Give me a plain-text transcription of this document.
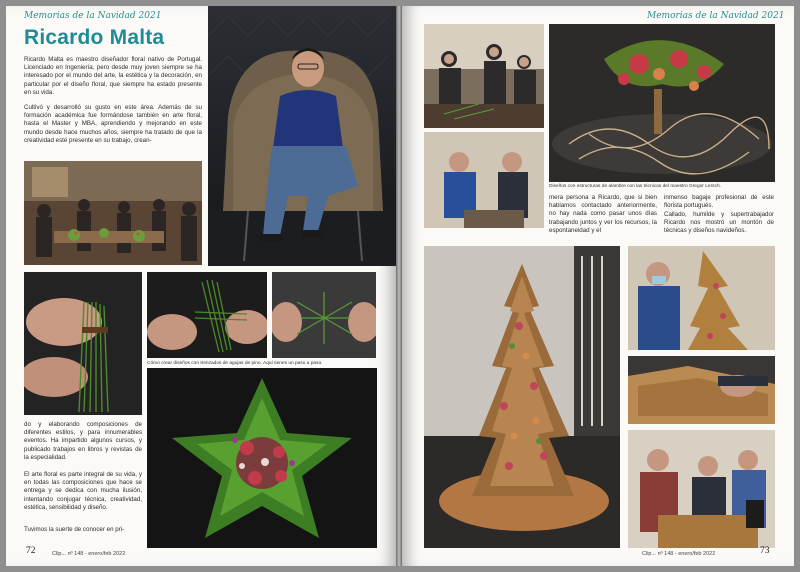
Memorias de la Navidad 2021
Ricardo Malta

Ricardo Malta es maestro diseñador floral nativo de Portugal. Licenciado en Ingeniería, pero desde muy joven siempre se ha interesado por el mundo del arte, la estética y la decoración, en particular por el diseño floral, que siempre ha estado presente en su vida.

Cultivó y desarrolló su gusto en este área. Además de su formación académica fue formándose también en arte floral, hasta el Master y MBA, aprendiendo y mejorando en este mundo desde hace muchos años, siempre ha tratado de que la creatividad esté presente en su trabajo, crean-

Cómo crear diseños con trenzados de agujas de pino. Aquí tienes un paso a paso.

do y elaborando composiciones de diferentes estilos, y para innumerables eventos. Ha impartido algunos cursos, y publicado trabajos en libros y revistas de la especialidad.

El arte floral es parte integral de su vida, y en todas las composiciones que hace se entrega y se dedica con mucha ilusión, intentando conjugar técnica, creatividad, estética, sensibilidad y diseño.

Tuvimos la suerte de conocer en pri-

72	Clip... nº 148 - enero/feb 2022
Memorias de la Navidad 2021
Diseños con estructuras de alambre con las técnicas del maestro Gregor Lersch.

mera persona a Ricardo, que si bien hablamos contactado anteriormente, no hay nada como pasar unos días trabajando juntos y ver los recursos, la espontaneidad y el

inmenso bagaje profesional de este florista portugués.

Callado, humilde y supertrabajador Ricardo nos mostró un montón de técnicas y diseños navideños.

Clip... nº 148 - enero/feb 2022	73
